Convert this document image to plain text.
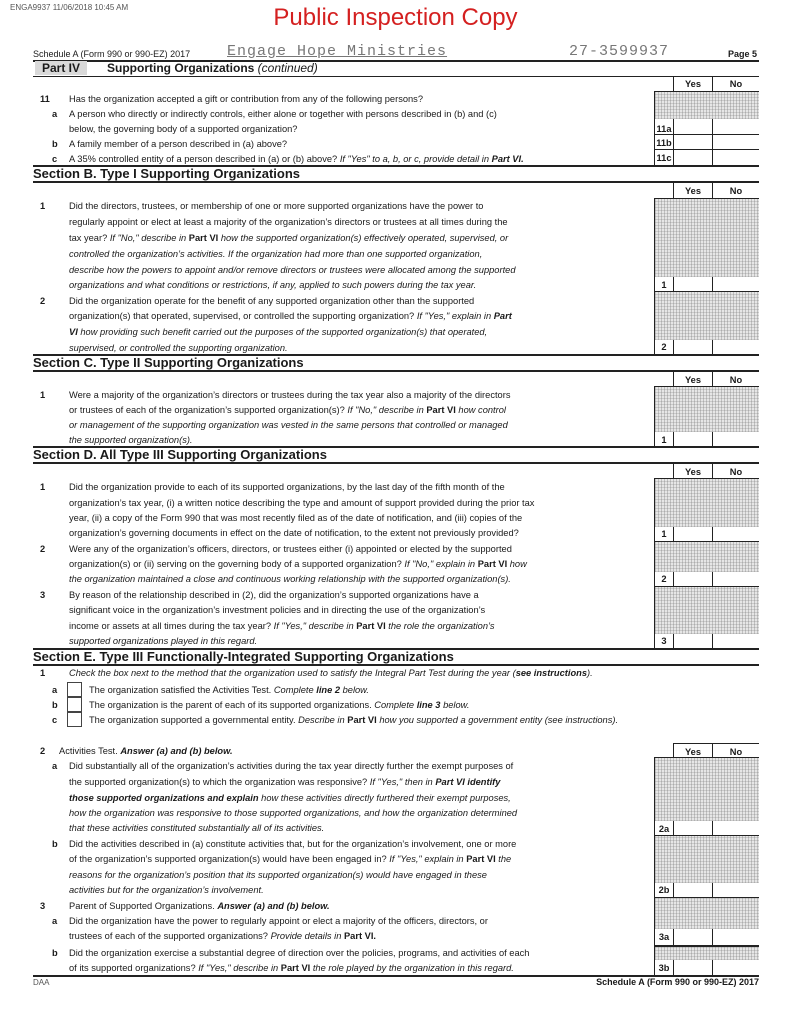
ENGA9937 11/06/2018 10:45 AM	Public Inspection Copy
Schedule A (Form 990 or 990-EZ) 2017 Engage Hope Ministries	27-3599937	Page 5
Part IV	Supporting Organizations (continued)
Yes	No
11 Has the organization accepted a gift or contribution from any of the following persons?
a A person who directly or indirectly controls, either alone or together with persons described in (b) and (c)
below, the governing body of a supported organization?	11a
b A family member of a person described in (a) above?	11b
c A 35% controlled entity of a person described in (a) or (b) above? If "Yes" to a, b, or c, provide detail in Part VI.	11c
Section B. Type I Supporting Organizations
Yes	No
1	Did the directors, trustees, or membership of one or more supported organizations have the power to
regularly appoint or elect at least a majority of the organization’s directors or trustees at all times during the
tax year? If "No," describe in Part VI how the supported organization(s) effectively operated, supervised, or
controlled the organization’s activities. If the organization had more than one supported organization,
describe how the powers to appoint and/or remove directors or trustees were allocated among the supported
organizations and what conditions or restrictions, if any, applied to such powers during the tax year.	1
2	Did the organization operate for the benefit of any supported organization other than the supported
organization(s) that operated, supervised, or controlled the supporting organization? If "Yes," explain in Part
VI how providing such benefit carried out the purposes of the supported organization(s) that operated,
supervised, or controlled the supporting organization.	2
Section C. Type II Supporting Organizations
Yes	No
1	Were a majority of the organization’s directors or trustees during the tax year also a majority of the directors
or trustees of each of the organization’s supported organization(s)? If "No," describe in Part VI how control
or management of the supporting organization was vested in the same persons that controlled or managed
the supported organization(s).	1
Section D. All Type III Supporting Organizations
Yes	No
1	Did the organization provide to each of its supported organizations, by the last day of the fifth month of the
organization’s tax year, (i) a written notice describing the type and amount of support provided during the prior tax
year, (ii) a copy of the Form 990 that was most recently filed as of the date of notification, and (iii) copies of the
organization’s governing documents in effect on the date of notification, to the extent not previously provided?	1
2	Were any of the organization’s officers, directors, or trustees either (i) appointed or elected by the supported
organization(s) or (ii) serving on the governing body of a supported organization? If "No," explain in Part VI how
the organization maintained a close and continuous working relationship with the supported organization(s).	2
3	By reason of the relationship described in (2), did the organization’s supported organizations have a
significant voice in the organization’s investment policies and in directing the use of the organization’s
income or assets at all times during the tax year? If "Yes," describe in Part VI the role the organization’s
supported organizations played in this regard.	3
Section E. Type III Functionally-Integrated Supporting Organizations
1	Check the box next to the method that the organization used to satisfy the Integral Part Test during the year (see instructions).
a	The organization satisfied the Activities Test. Complete line 2 below.
b	The organization is the parent of each of its supported organizations. Complete line 3 below.
c	The organization supported a governmental entity. Describe in Part VI how you supported a government entity (see instructions).
Yes	No
2 Activities Test. Answer (a) and (b) below.
a Did substantially all of the organization’s activities during the tax year directly further the exempt purposes of
the supported organization(s) to which the organization was responsive? If "Yes," then in Part VI identify
those supported organizations and explain how these activities directly furthered their exempt purposes,
how the organization was responsive to those supported organizations, and how the organization determined
that these activities constituted substantially all of its activities.	2a
b Did the activities described in (a) constitute activities that, but for the organization’s involvement, one or more
of the organization’s supported organization(s) would have been engaged in? If "Yes," explain in Part VI the
reasons for the organization’s position that its supported organization(s) would have engaged in these
activities but for the organization’s involvement.	2b
3	Parent of Supported Organizations. Answer (a) and (b) below.
a Did the organization have the power to regularly appoint or elect a majority of the officers, directors, or
trustees of each of the supported organizations? Provide details in Part VI.	3a
b Did the organization exercise a substantial degree of direction over the policies, programs, and activities of each
of its supported organizations? If "Yes," describe in Part VI the role played by the organization in this regard.	3b
DAA	Schedule A (Form 990 or 990-EZ) 2017
